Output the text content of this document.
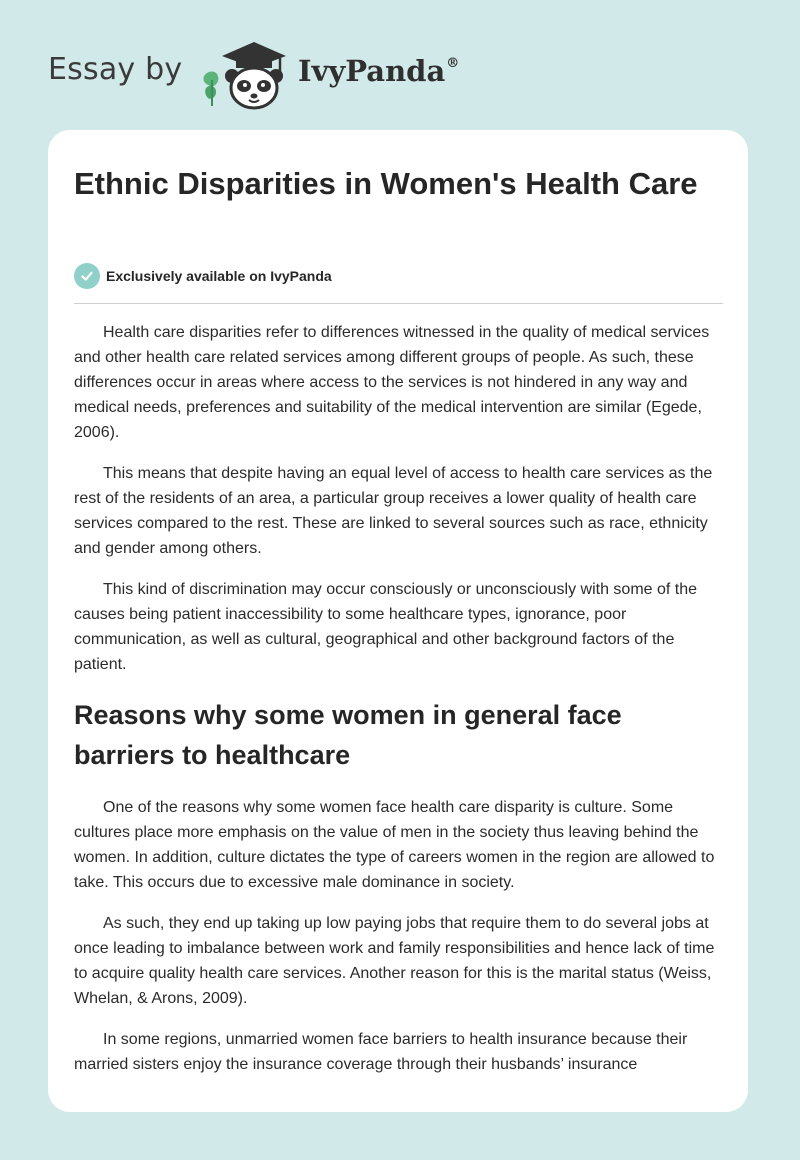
Essay by	IvyPanda®
Ethnic Disparities in Women's Health Care
Exclusively available on IvyPanda

Health care disparities refer to differences witnessed in the quality of medical services and other health care related services among different groups of people. As such, these differences occur in areas where access to the services is not hindered in any way and medical needs, preferences and suitability of the medical intervention are similar (Egede, 2006).

This means that despite having an equal level of access to health care services as the rest of the residents of an area, a particular group receives a lower quality of health care services compared to the rest. These are linked to several sources such as race, ethnicity and gender among others.

This kind of discrimination may occur consciously or unconsciously with some of the causes being patient inaccessibility to some healthcare types, ignorance, poor communication, as well as cultural, geographical and other background factors of the patient.

Reasons why some women in general face barriers to healthcare

One of the reasons why some women face health care disparity is culture. Some cultures place more emphasis on the value of men in the society thus leaving behind the women. In addition, culture dictates the type of careers women in the region are allowed to take. This occurs due to excessive male dominance in society.

As such, they end up taking up low paying jobs that require them to do several jobs at once leading to imbalance between work and family responsibilities and hence lack of time to acquire quality health care services. Another reason for this is the marital status (Weiss, Whelan, & Arons, 2009).

In some regions, unmarried women face barriers to health insurance because their married sisters enjoy the insurance coverage through their husbands’ insurance
